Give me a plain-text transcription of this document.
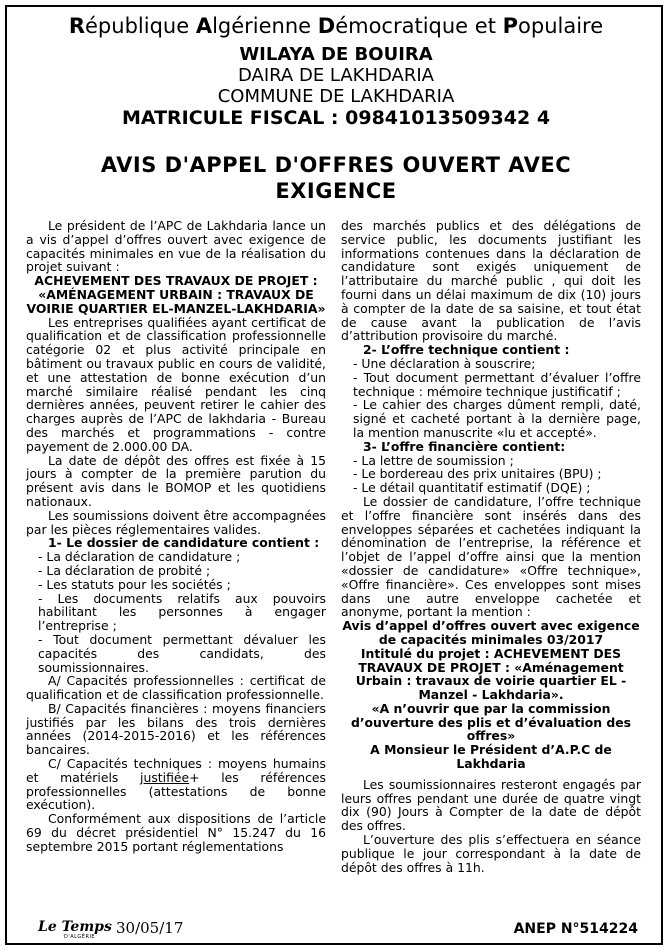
République Algérienne Démocratique et Populaire
WILAYA DE BOUIRA
DAIRA DE LAKHDARIA
COMMUNE DE LAKHDARIA
MATRICULE FISCAL : 09841013509342 4
AVIS D'APPEL D'OFFRES OUVERT AVEC
EXIGENCE

Le président de l’APC de Lakhdaria lance un a vis d’appel d’offres ouvert avec exigence de capacités minimales en vue de la réalisation du projet suivant :

ACHEVEMENT DES TRAVAUX DE PROJET : «AMÉNAGEMENT URBAIN : TRAVAUX DE VOIRIE QUARTIER EL-MANZEL-LAKHDARIA»

Les entreprises qualifiées ayant certificat de qualification et de classification professionnelle catégorie 02 et plus activité principale en bâtiment ou travaux public en cours de validité, et une attestation de bonne exécution d’un marché similaire réalisé pendant les cinq dernières années, peuvent retirer le cahier des charges auprès de l’APC de lakhdaria - Bureau des marchés et programmations - contre payement de 2.000.00 DA.

La date de dépôt des offres est fixée à 15 jours à compter de la première parution du présent avis dans le BOMOP et les quotidiens nationaux.

Les soumissions doivent être accompagnées par les pièces réglementaires valides.

1- Le dossier de candidature contient :

- La déclaration de candidature ;

- La déclaration de probité ;

- Les statuts pour les sociétés ;

- Les documents relatifs aux pouvoirs habilitant les personnes à engager l’entreprise ;

- Tout document permettant dévaluer les capacités des candidats, des soumissionnaires.

A/ Capacités professionnelles : certificat de qualification et de classification professionnelle.

B/ Capacités financières : moyens financiers justifiés par les bilans des trois dernières années (2014-2015-2016) et les références bancaires.

C/ Capacités techniques : moyens humains et matériels justifiée+ les références professionnelles (attestations de bonne exécution).

Conformément aux dispositions de l’article 69 du décret présidentiel N° 15.247 du 16 septembre 2015 portant réglementations

des marchés publics et des délégations de service public, les documents justifiant les informations contenues dans la déclaration de candidature sont exigés uniquement de l’attributaire du marché public , qui doit les fourni dans un délai maximum de dix (10) jours à compter de la date de sa saisine, et tout état de cause avant la publication de l’avis d’attribution provisoire du marché.

2- L’offre technique contient :

- Une déclaration à souscrire;

- Tout document permettant d’évaluer l’offre technique : mémoire technique justificatif ;

- Le cahier des charges dûment rempli, daté, signé et cacheté portant à la dernière page, la mention manuscrite «lu et accepté».

3- L’offre financière contient:

- La lettre de soumission ;

- Le bordereau des prix unitaires (BPU) ;

- Le détail quantitatif estimatif (DQE) ;

Le dossier de candidature, l’offre technique et l’offre financière sont insérés dans des enveloppes séparées et cachetées indiquant la dénomination de l’entreprise, la référence et l’objet de l’appel d’offre ainsi que la mention «dossier de candidature» «Offre technique», «Offre financière». Ces enveloppes sont mises dans une autre enveloppe cachetée et anonyme, portant la mention :

Avis d’appel d’offres ouvert avec exigence de capacités minimales 03/2017

Intitulé du projet : ACHEVEMENT DES TRAVAUX DE PROJET : «Aménagement Urbain : travaux de voirie quartier EL - Manzel - Lakhdaria».

«A n’ouvrir que par la commission d’ouverture des plis et d’évaluation des offres»

A Monsieur le Président d’A.P.C de Lakhdaria

Les soumissionnaires resteront engagés par leurs offres pendant une durée de quatre vingt dix (90) Jours à Compter de la date de dépôt des offres.

L’ouverture des plis s’effectuera en séance publique le jour correspondant à la date de dépôt des offres à 11h.

Le Temps
D'ALGÉRIE 30/05/17	ANEP N°514224
